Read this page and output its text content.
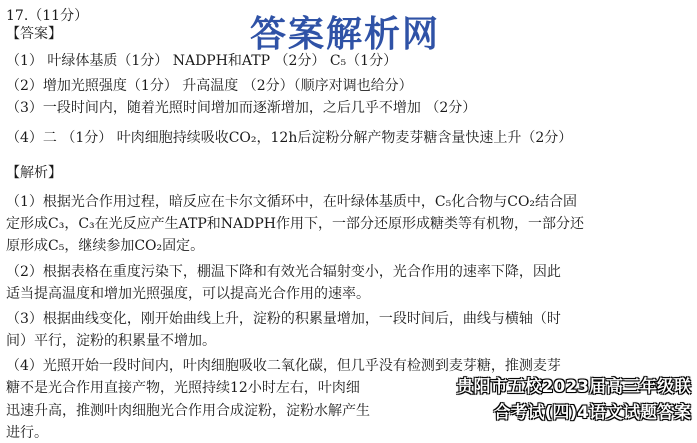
17.（11分）	答案解析网
【答案】
（1） 叶绿体基质（1分） NADPH和ATP （2分） C₅（1分）
（2）增加光照强度（1分） 升高温度 （2分）（顺序对调也给分）
（3）一段时间内，随着光照时间增加而逐渐增加，之后几乎不增加 （2分）
（4）二 （1分） 叶肉细胞持续吸收CO₂，12h后淀粉分解产物麦芽糖含量快速上升（2分）
【解析】
（1）根据光合作用过程，暗反应在卡尔文循环中，在叶绿体基质中，C₅化合物与CO₂结合固
定形成C₃，C₃在光反应产生ATP和NADPH作用下，一部分还原形成糖类等有机物，一部分还
原形成C₅，继续参加CO₂固定。
（2）根据表格在重度污染下，棚温下降和有效光合辐射变小，光合作用的速率下降，因此
适当提高温度和增加光照强度，可以提高光合作用的速率。
（3）根据曲线变化，刚开始曲线上升，淀粉的积累量增加，一段时间后，曲线与横轴（时
间）平行，淀粉的积累量不增加。
（4）光照开始一段时间内，叶肉细胞吸收二氧化碳，但几乎没有检测到麦芽糖，推测麦芽
糖不是光合作用直接产物，光照持续12小时左右，叶肉细
迅速升高，推测叶肉细胞光合作用合成淀粉，淀粉水解产生
进行。
贵阳市五校2023届高三年级联
合考试(四)4语文试题答案
